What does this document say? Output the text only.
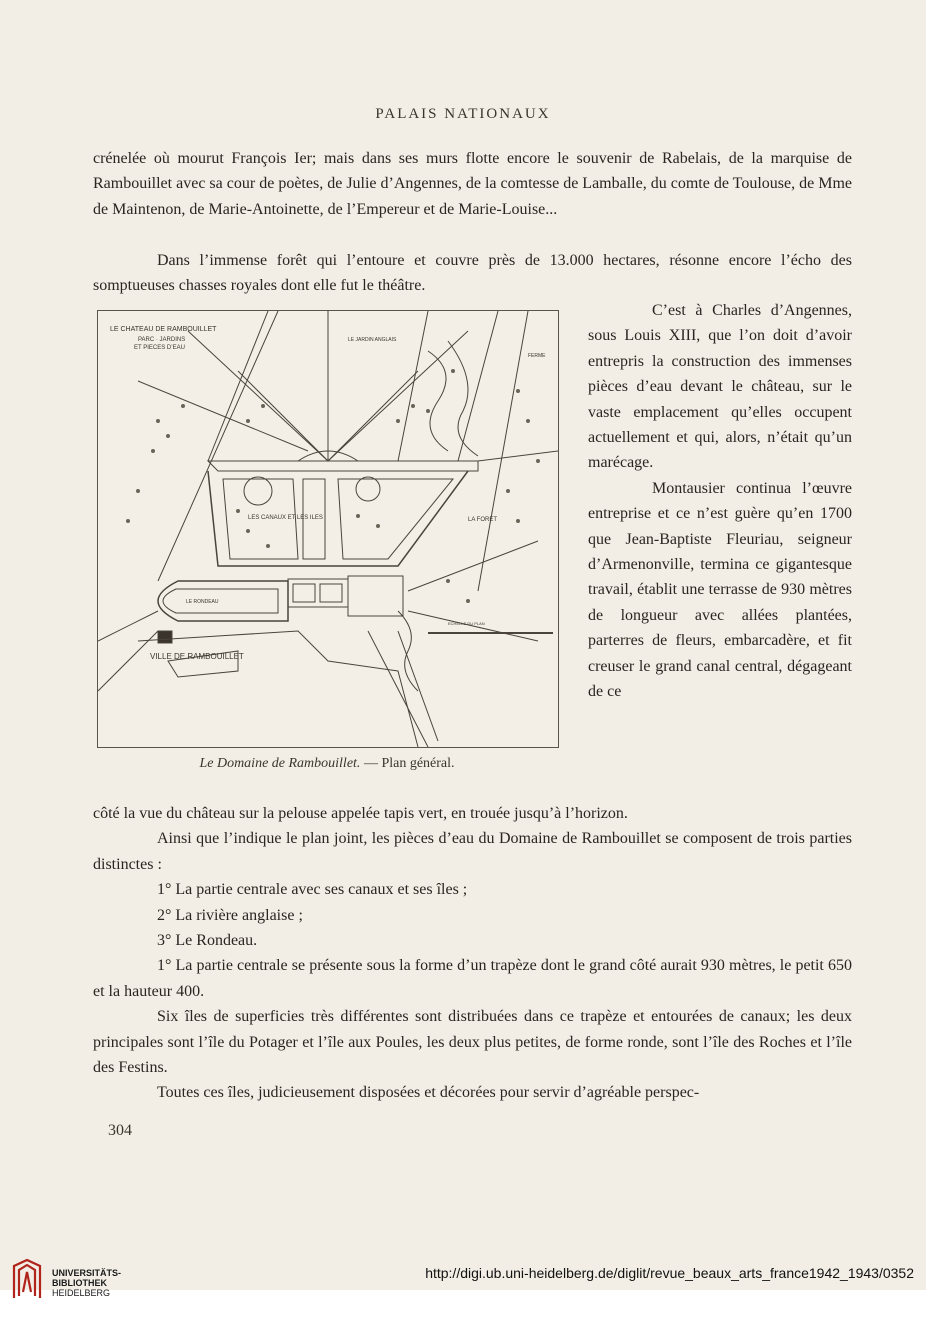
PALAIS NATIONAUX

crénelée où mourut François Ier; mais dans ses murs flotte encore le souvenir de Rabelais, de la marquise de Rambouillet avec sa cour de poètes, de Julie d’Angennes, de la comtesse de Lamballe, du comte de Toulouse, de Mme de Maintenon, de Marie-Antoinette, de l’Empereur et de Marie-Louise...

Dans l’immense forêt qui l’entoure et couvre près de 13.000 hectares, résonne encore l’écho des somptueuses chasses royales dont elle fut le théâtre.

LE CHATEAU DE RAMBOUILLET
PARC · JARDINS
ET PIECES D’EAU
LE RONDEAU
VILLE DE RAMBOUILLET
LES CANAUX ET LES ILES	LA FORET
FERME
LE JARDIN ANGLAIS
ECHELLE DU PLAN
Le Domaine de Rambouillet. — Plan général.

C’est à Charles d’Angennes, sous Louis XIII, que l’on doit d’avoir entrepris la construction des immenses pièces d’eau devant le château, sur le vaste emplacement qu’elles occupent actuellement et qui, alors, n’était qu’un marécage.

Montausier continua l’œuvre entreprise et ce n’est guère qu’en 1700 que Jean-Baptiste Fleuriau, seigneur d’Armenonville, termina ce gigantesque travail, établit une terrasse de 930 mètres de longueur avec allées plantées, parterres de fleurs, embarcadère, et fit creuser le grand canal central, dégageant de ce

côté la vue du château sur la pelouse appelée tapis vert, en trouée jusqu’à l’horizon.

Ainsi que l’indique le plan joint, les pièces d’eau du Domaine de Rambouillet se composent de trois parties distinctes :

1° La partie centrale avec ses canaux et ses îles ;

2° La rivière anglaise ;

3° Le Rondeau.

1° La partie centrale se présente sous la forme d’un trapèze dont le grand côté aurait 930 mètres, le petit 650 et la hauteur 400.

Six îles de superficies très différentes sont distribuées dans ce trapèze et entourées de canaux; les deux principales sont l’île du Potager et l’île aux Poules, les deux plus petites, de forme ronde, sont l’île des Roches et l’île des Festins.

Toutes ces îles, judicieusement disposées et décorées pour servir d’agréable perspec-

304
UNIVERSITÄTS-
BIBLIOTHEK
HEIDELBERG
http://digi.ub.uni-heidelberg.de/diglit/revue_beaux_arts_france1942_1943/0352
